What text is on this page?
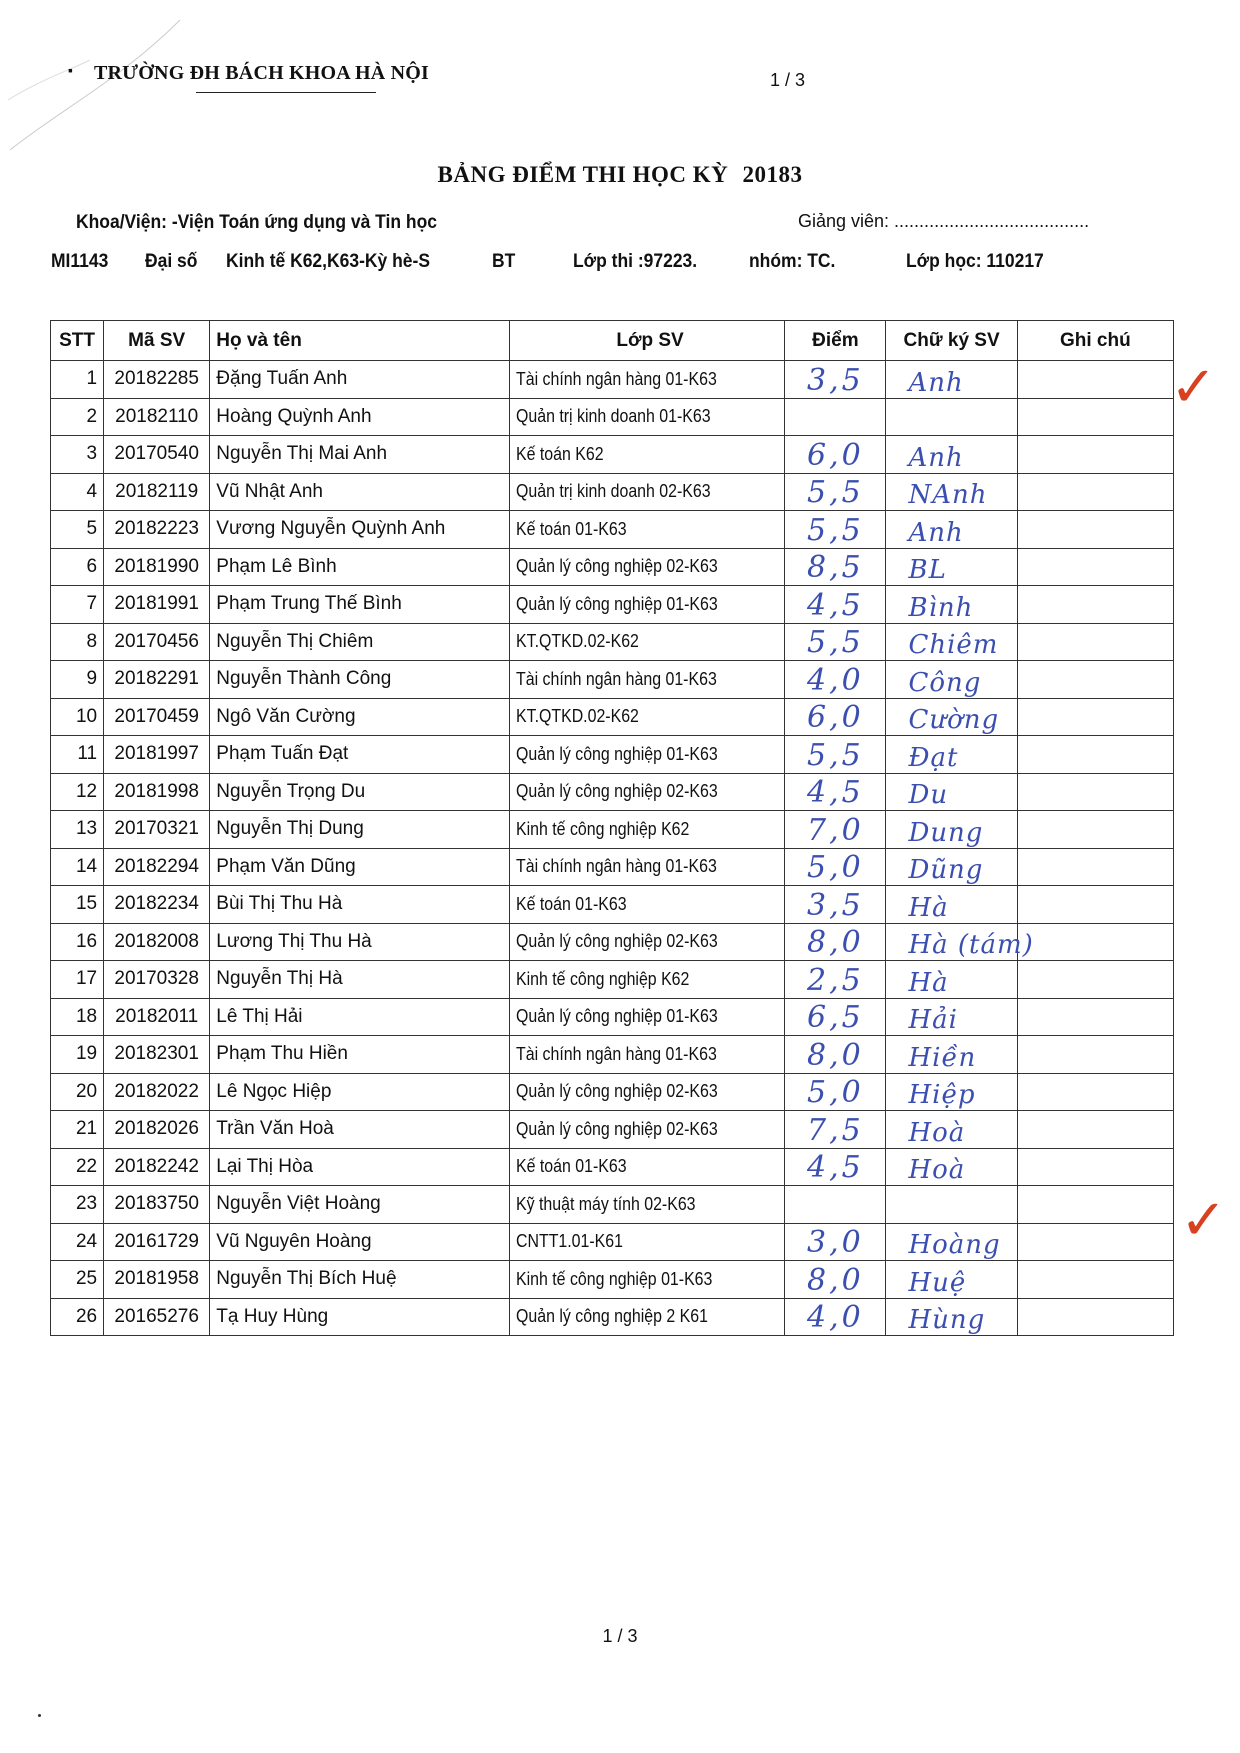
▪ TRƯỜNG ĐH BÁCH KHOA HÀ NỘI	1 / 3
BẢNG ĐIỂM THI HỌC KỲ 20183
Khoa/Viện: -Viện Toán ứng dụng và Tin học	Giảng viên: .......................................
MI1143 Đại số Kinh tế K62,K63-Kỳ hè-S	BT	Lớp thi :97223.	nhóm: TC.	Lớp học: 110217
STT	Mã SV	Họ và tên	Lớp SV	Điểm	Chữ ký SV	Ghi chú
1	20182285	Đặng Tuấn Anh	Tài chính ngân hàng 01-K63	3,5	Anh	
2	20182110	Hoàng Quỳnh Anh	Quản trị kinh doanh 01-K63			
3	20170540	Nguyễn Thị Mai Anh	Kế toán K62	6,0	Anh	
4	20182119	Vũ Nhật Anh	Quản trị kinh doanh 02-K63	5,5	NAnh	
5	20182223	Vương Nguyễn Quỳnh Anh	Kế toán 01-K63	5,5	Anh	
6	20181990	Phạm Lê Bình	Quản lý công nghiệp 02-K63	8,5	BL	
7	20181991	Phạm Trung Thế Bình	Quản lý công nghiệp 01-K63	4,5	Bình	
8	20170456	Nguyễn Thị Chiêm	KT.QTKD.02-K62	5,5	Chiêm	
9	20182291	Nguyễn Thành Công	Tài chính ngân hàng 01-K63	4,0	Công	
10	20170459	Ngô Văn Cường	KT.QTKD.02-K62	6,0	Cường	
11	20181997	Phạm Tuấn Đạt	Quản lý công nghiệp 01-K63	5,5	Đạt	
12	20181998	Nguyễn Trọng Du	Quản lý công nghiệp 02-K63	4,5	Du	
13	20170321	Nguyễn Thị Dung	Kinh tế công nghiệp K62	7,0	Dung	
14	20182294	Phạm Văn Dũng	Tài chính ngân hàng 01-K63	5,0	Dũng	
15	20182234	Bùi Thị Thu Hà	Kế toán 01-K63	3,5	Hà	
16	20182008	Lương Thị Thu Hà	Quản lý công nghiệp 02-K63	8,0	Hà (tám)	
17	20170328	Nguyễn Thị Hà	Kinh tế công nghiệp K62	2,5	Hà	
18	20182011	Lê Thị Hải	Quản lý công nghiệp 01-K63	6,5	Hải	
19	20182301	Phạm Thu Hiền	Tài chính ngân hàng 01-K63	8,0	Hiền	
20	20182022	Lê Ngọc Hiệp	Quản lý công nghiệp 02-K63	5,0	Hiệp	
21	20182026	Trần Văn Hoà	Quản lý công nghiệp 02-K63	7,5	Hoà	
22	20182242	Lại Thị Hòa	Kế toán 01-K63	4,5	Hoà	
23	20183750	Nguyễn Việt Hoàng	Kỹ thuật máy tính 02-K63			
24	20161729	Vũ Nguyên Hoàng	CNTT1.01-K61	3,0	Hoàng	
25	20181958	Nguyễn Thị Bích Huệ	Kinh tế công nghiệp 01-K63	8,0	Huệ	
26	20165276	Tạ Huy Hùng	Quản lý công nghiệp 2 K61	4,0	Hùng	
✓
✓
1 / 3
